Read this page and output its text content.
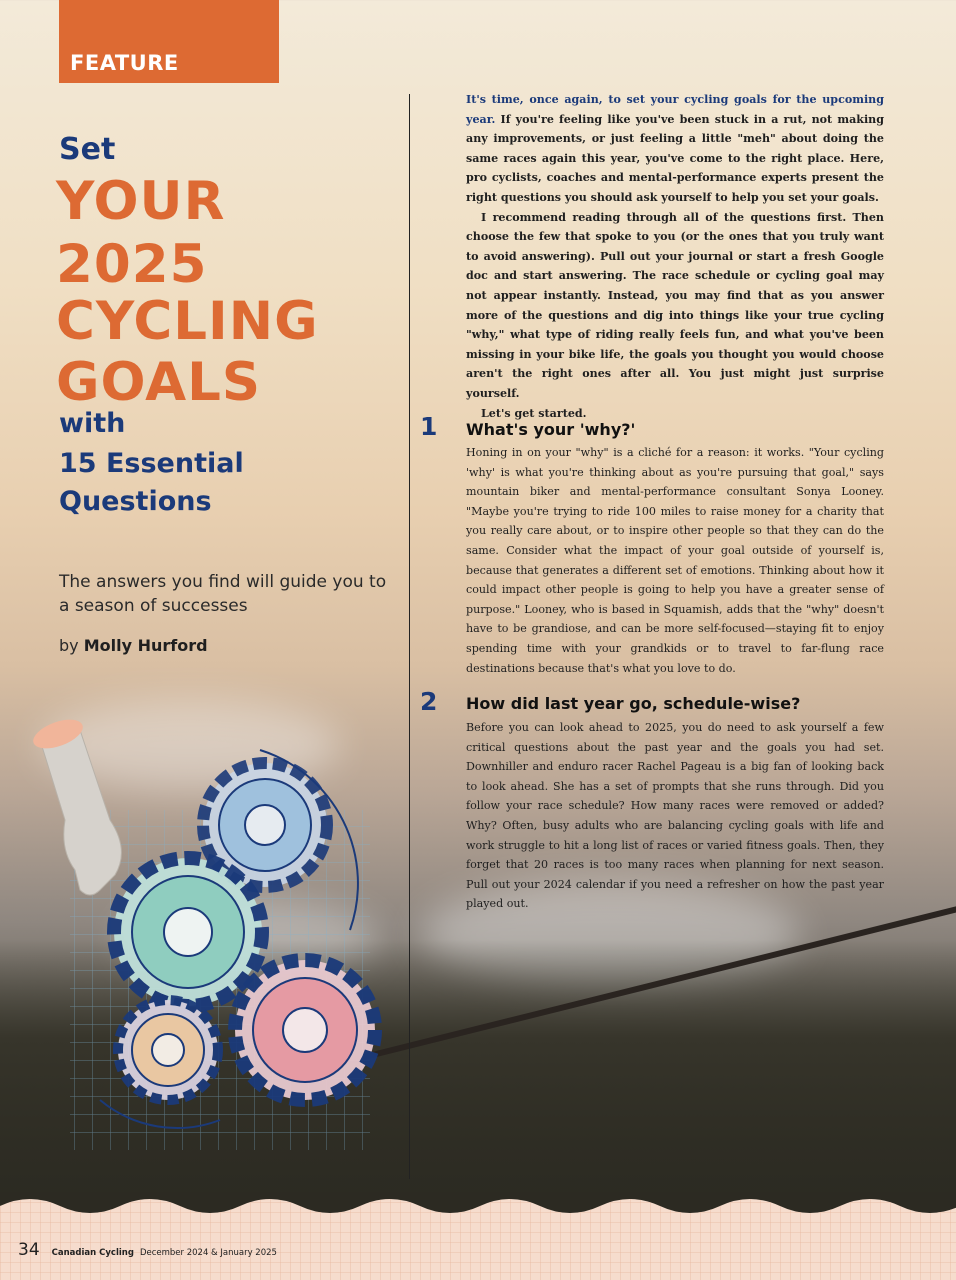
FEATURE
Set
YOUR
2025
CYCLING
GOALS
with
15 Essential
Questions
The answers you find will guide you to a season of successes
by Molly Hurford

It's time, once again, to set your cycling goals for the upcoming year. If you're feeling like you've been stuck in a rut, not making any improvements, or just feeling a little "meh" about doing the same races again this year, you've come to the right place. Here, pro cyclists, coaches and mental-performance experts present the right questions you should ask yourself to help you set your goals.

I recommend reading through all of the questions first. Then choose the few that spoke to you (or the ones that you truly want to avoid answering). Pull out your journal or start a fresh Google doc and start answering. The race schedule or cycling goal may not appear instantly. Instead, you may find that as you answer more of the questions and dig into things like your true cycling "why," what type of riding really feels fun, and what you've been missing in your bike life, the goals you thought you would choose aren't the right ones after all. You just might just surprise yourself.

Let's get started.

1 What's your 'why?'
Honing in on your "why" is a cliché for a reason: it works. "Your cycling 'why' is what you're thinking about as you're pursuing that goal," says mountain biker and mental-performance consultant Sonya Looney. "Maybe you're trying to ride 100 miles to raise money for a charity that you really care about, or to inspire other people so that they can do the same. Consider what the impact of your goal outside of yourself is, because that generates a different set of emotions. Thinking about how it could impact other people is going to help you have a greater sense of purpose." Looney, who is based in Squamish, adds that the "why" doesn't have to be grandiose, and can be more self-focused—staying fit to enjoy spending time with your grandkids or to travel to far-flung race destinations because that's what you love to do.
2 How did last year go, schedule-wise?
Before you can look ahead to 2025, you do need to ask yourself a few critical questions about the past year and the goals you had set. Downhiller and enduro racer Rachel Pageau is a big fan of looking back to look ahead. She has a set of prompts that she runs through. Did you follow your race schedule? How many races were removed or added? Why? Often, busy adults who are balancing cycling goals with life and work struggle to hit a long list of races or varied fitness goals. Then, they forget that 20 races is too many races when planning for next season. Pull out your 2024 calendar if you need a refresher on how the past year played out.
34 Canadian Cycling December 2024 & January 2025
